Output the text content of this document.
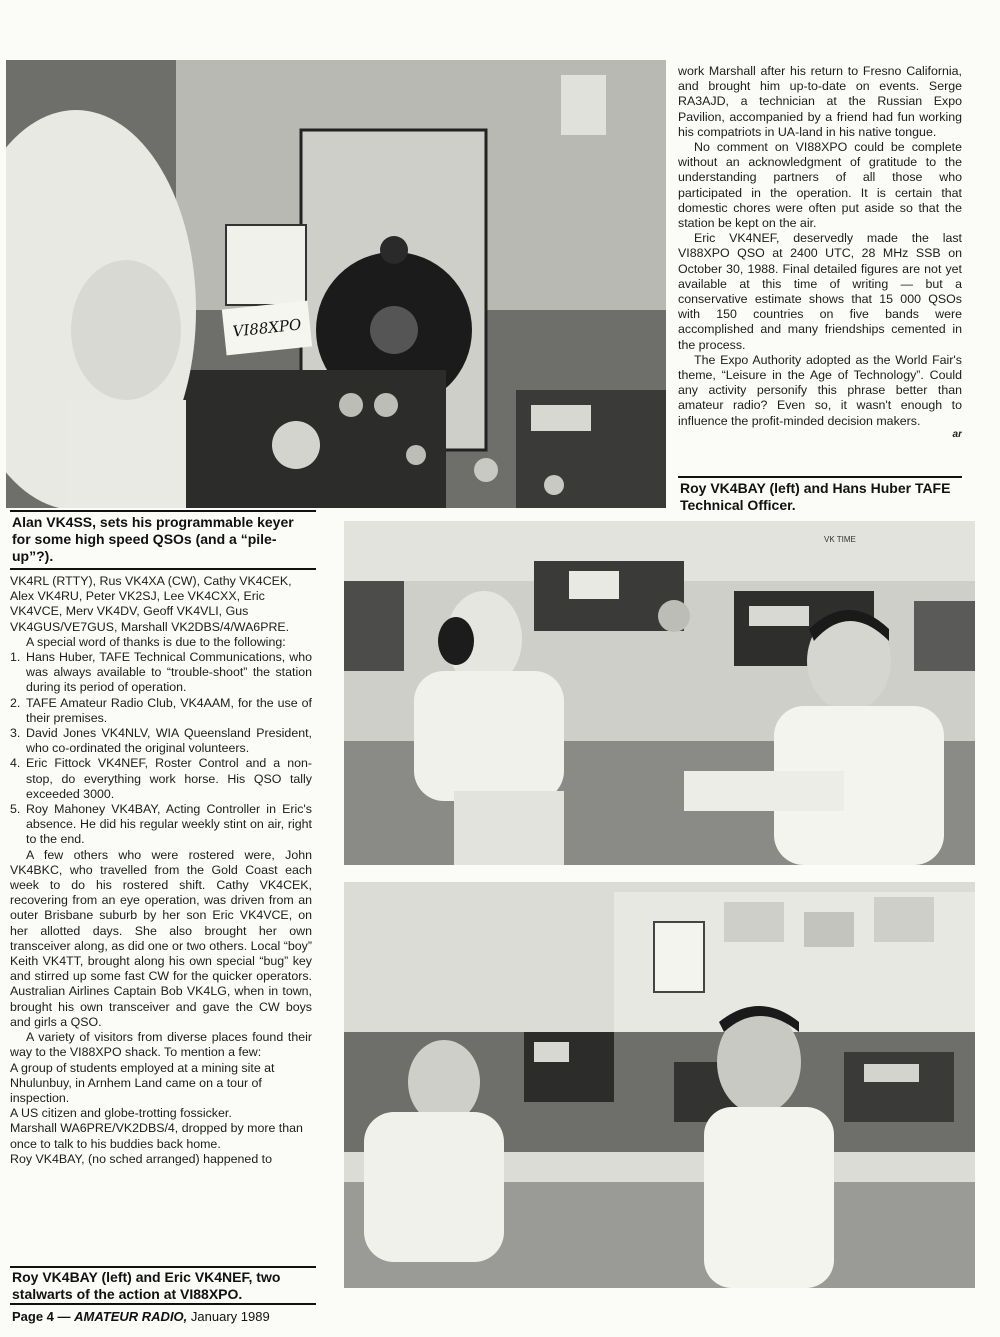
VI88XPO

work Marshall after his return to Fresno California, and brought him up-to-date on events. Serge RA3AJD, a technician at the Russian Expo Pavilion, accompanied by a friend had fun working his compatriots in UA-land in his native tongue.

No comment on VI88XPO could be complete without an acknowledgment of gratitude to the understanding partners of all those who participated in the operation. It is certain that domestic chores were often put aside so that the station be kept on the air.

Eric VK4NEF, deservedly made the last VI88XPO QSO at 2400 UTC, 28 MHz SSB on October 30, 1988. Final detailed figures are not yet available at this time of writing — but a conservative estimate shows that 15 000 QSOs with 150 countries on five bands were accomplished and many friendships cemented in the process.

The Expo Authority adopted as the World Fair's theme, “Leisure in the Age of Technology”. Could any activity personify this phrase better than amateur radio? Even so, it wasn't enough to influence the profit-minded decision makers.

ar

Roy VK4BAY (left) and Hans Huber TAFE Technical Officer.

Alan VK4SS, sets his programmable keyer for some high speed QSOs (and a “pile-up”?).

VK TIME

VK4RL (RTTY), Rus VK4XA (CW), Cathy VK4CEK, Alex VK4RU, Peter VK2SJ, Lee VK4CXX, Eric VK4VCE, Merv VK4DV, Geoff VK4VLI, Gus VK4GUS/VE7GUS, Marshall VK2DBS/4/WA6PRE.

A special word of thanks is due to the following:

1. Hans Huber, TAFE Technical Communications, who was always available to “trouble-shoot” the station during its period of operation.
2. TAFE Amateur Radio Club, VK4AAM, for the use of their premises.
3. David Jones VK4NLV, WIA Queensland President, who co-ordinated the original volunteers.
4. Eric Fittock VK4NEF, Roster Control and a non-stop, do everything work horse. His QSO tally exceeded 3000.
5. Roy Mahoney VK4BAY, Acting Controller in Eric's absence. He did his regular weekly stint on air, right to the end.

A few others who were rostered were, John VK4BKC, who travelled from the Gold Coast each week to do his rostered shift. Cathy VK4CEK, recovering from an eye operation, was driven from an outer Brisbane suburb by her son Eric VK4VCE, on her allotted days. She also brought her own transceiver along, as did one or two others. Local “boy” Keith VK4TT, brought along his own special “bug” key and stirred up some fast CW for the quicker operators. Australian Airlines Captain Bob VK4LG, when in town, brought his own transceiver and gave the CW boys and girls a QSO.

A variety of visitors from diverse places found their way to the VI88XPO shack. To mention a few:

A group of students employed at a mining site at Nhulunbuy, in Arnhem Land came on a tour of inspection.

A US citizen and globe-trotting fossicker.

Marshall WA6PRE/VK2DBS/4, dropped by more than once to talk to his buddies back home.

Roy VK4BAY, (no sched arranged) happened to

Roy VK4BAY (left) and Eric VK4NEF, two stalwarts of the action at VI88XPO.

Page 4 — AMATEUR RADIO, January 1989
